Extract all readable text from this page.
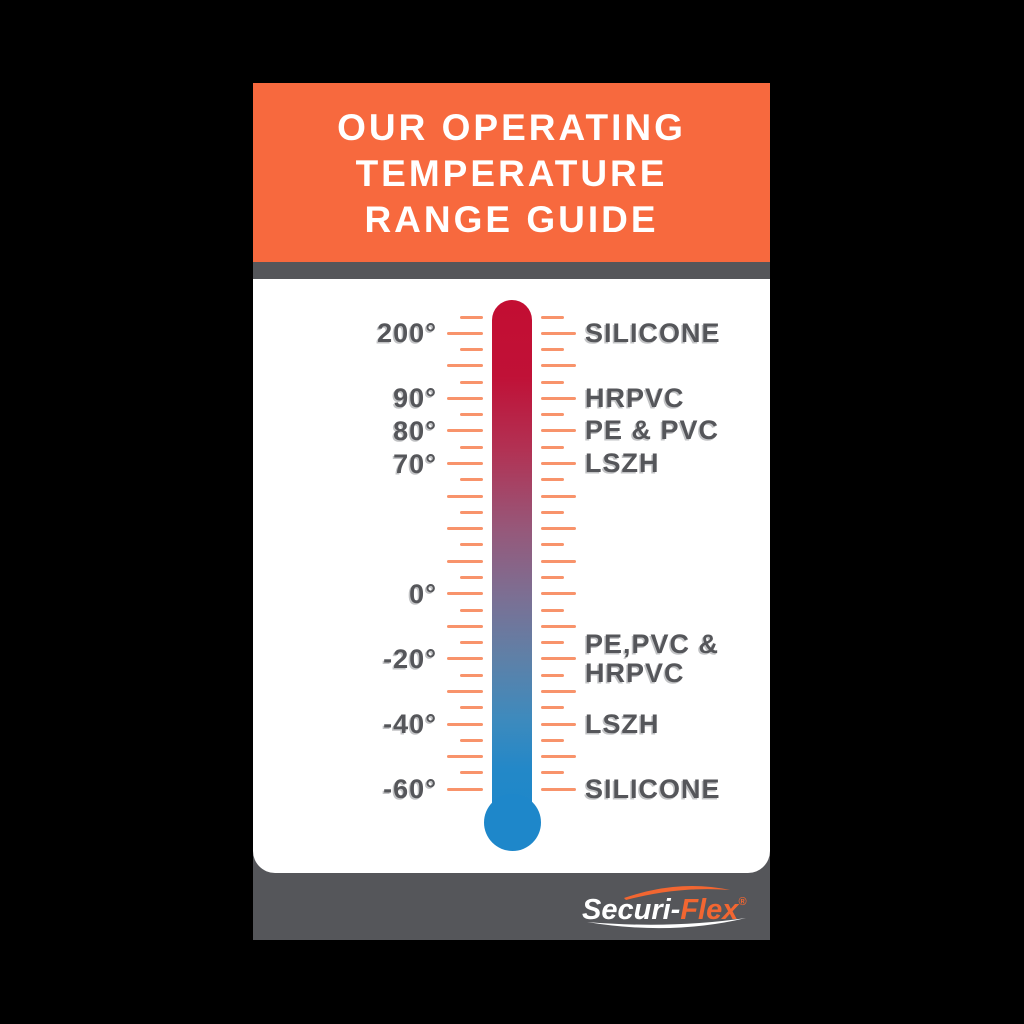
OUR OPERATING
TEMPERATURE
RANGE GUIDE
200°
90°
80°
70°
0°
-20°
-40°
-60°
SILICONE
HRPVC
PE & PVC
LSZH
PE,PVC &
HRPVC
LSZH
SILICONE
Securi-Flex®
